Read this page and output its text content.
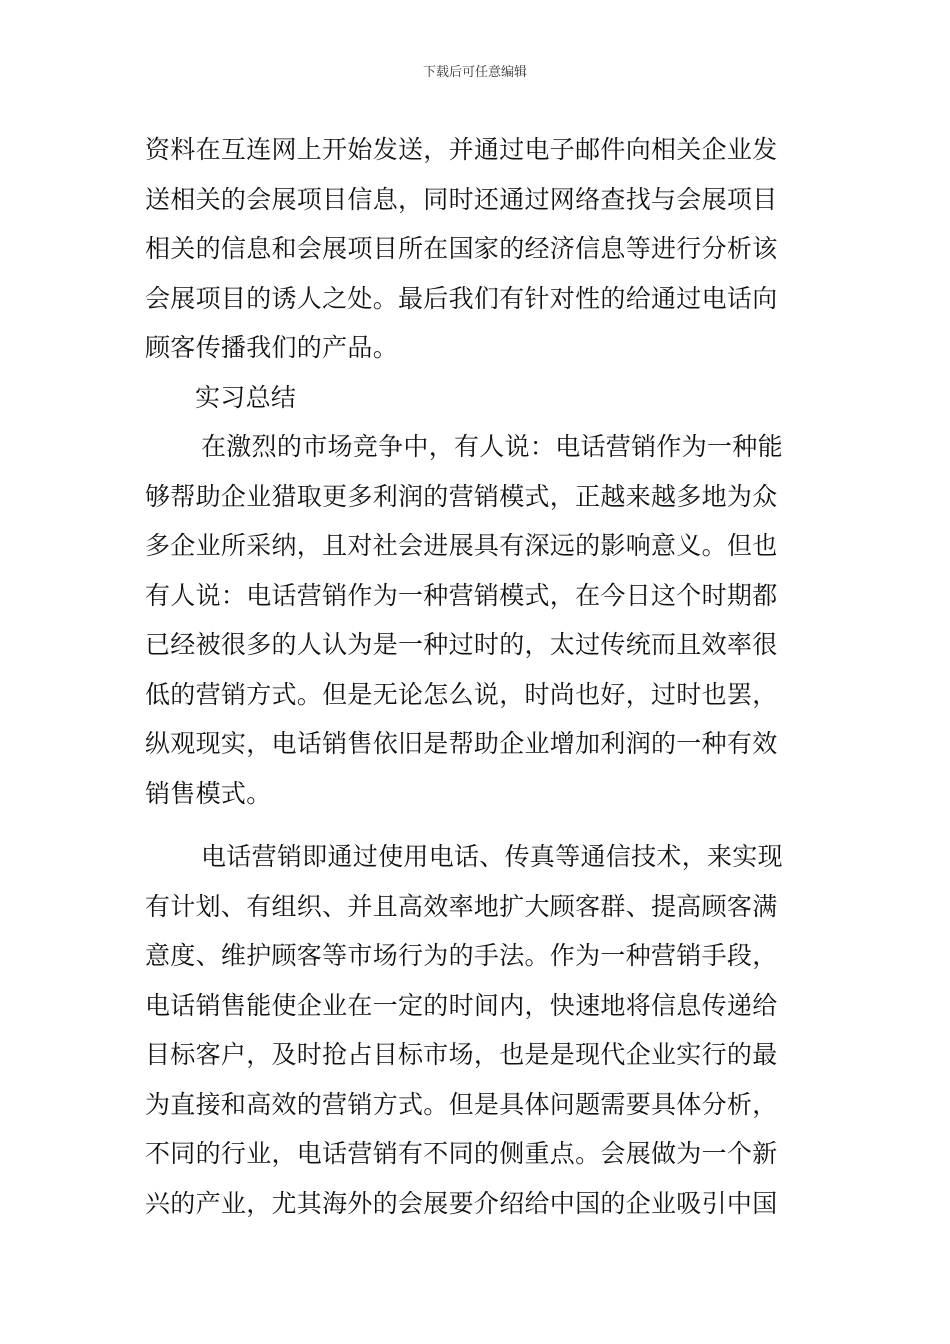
下载后可任意编辑
资料在互连网上开始发送，并通过电子邮件向相关企业发
送相关的会展项目信息，同时还通过网络查找与会展项目
相关的信息和会展项目所在国家的经济信息等进行分析该
会展项目的诱人之处。最后我们有针对性的给通过电话向
顾客传播我们的产品。
实习总结
在激烈的市场竞争中，有人说：电话营销作为一种能
够帮助企业猎取更多利润的营销模式，正越来越多地为众
多企业所采纳，且对社会进展具有深远的影响意义。但也
有人说：电话营销作为一种营销模式，在今日这个时期都
已经被很多的人认为是一种过时的，太过传统而且效率很
低的营销方式。但是无论怎么说，时尚也好，过时也罢，
纵观现实，电话销售依旧是帮助企业增加利润的一种有效
销售模式。
电话营销即通过使用电话、传真等通信技术，来实现
有计划、有组织、并且高效率地扩大顾客群、提高顾客满
意度、维护顾客等市场行为的手法。作为一种营销手段，
电话销售能使企业在一定的时间内，快速地将信息传递给
目标客户，及时抢占目标市场，也是是现代企业实行的最
为直接和高效的营销方式。但是具体问题需要具体分析，
不同的行业，电话营销有不同的侧重点。会展做为一个新
兴的产业，尤其海外的会展要介绍给中国的企业吸引中国
